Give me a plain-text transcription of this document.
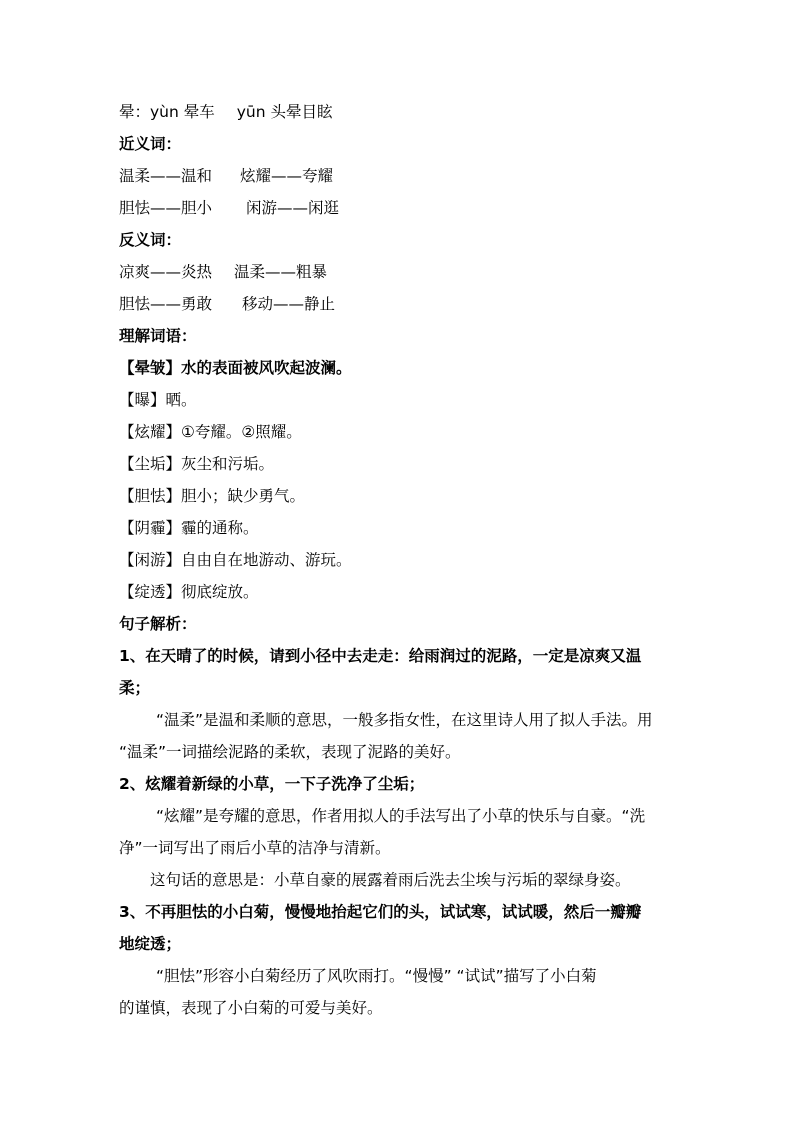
晕：yùn 晕车 yūn 头晕目眩
近义词：
温柔——温和 炫耀——夸耀
胆怯——胆小 闲游——闲逛
反义词：
凉爽——炎热 温柔——粗暴
胆怯——勇敢 移动——静止
理解词语：
【晕皱】水的表面被风吹起波澜。
【曝】晒。
【炫耀】①夸耀。②照耀。
【尘垢】灰尘和污垢。
【胆怯】胆小；缺少勇气。
【阴霾】霾的通称。
【闲游】自由自在地游动、游玩。
【绽透】彻底绽放。
句子解析：
1、在天晴了的时候，请到小径中去走走：给雨润过的泥路，一定是凉爽又温
柔；
“温柔”是温和柔顺的意思，一般多指女性，在这里诗人用了拟人手法。用
“温柔”一词描绘泥路的柔软，表现了泥路的美好。
2、炫耀着新绿的小草，一下子洗净了尘垢；
“炫耀”是夸耀的意思，作者用拟人的手法写出了小草的快乐与自豪。“洗
净”一词写出了雨后小草的洁净与清新。
这句话的意思是：小草自豪的展露着雨后洗去尘埃与污垢的翠绿身姿。
3、不再胆怯的小白菊，慢慢地抬起它们的头，试试寒，试试暖，然后一瓣瓣
地绽透；
“胆怯”形容小白菊经历了风吹雨打。“慢慢” “试试”描写了小白菊
的谨慎，表现了小白菊的可爱与美好。
